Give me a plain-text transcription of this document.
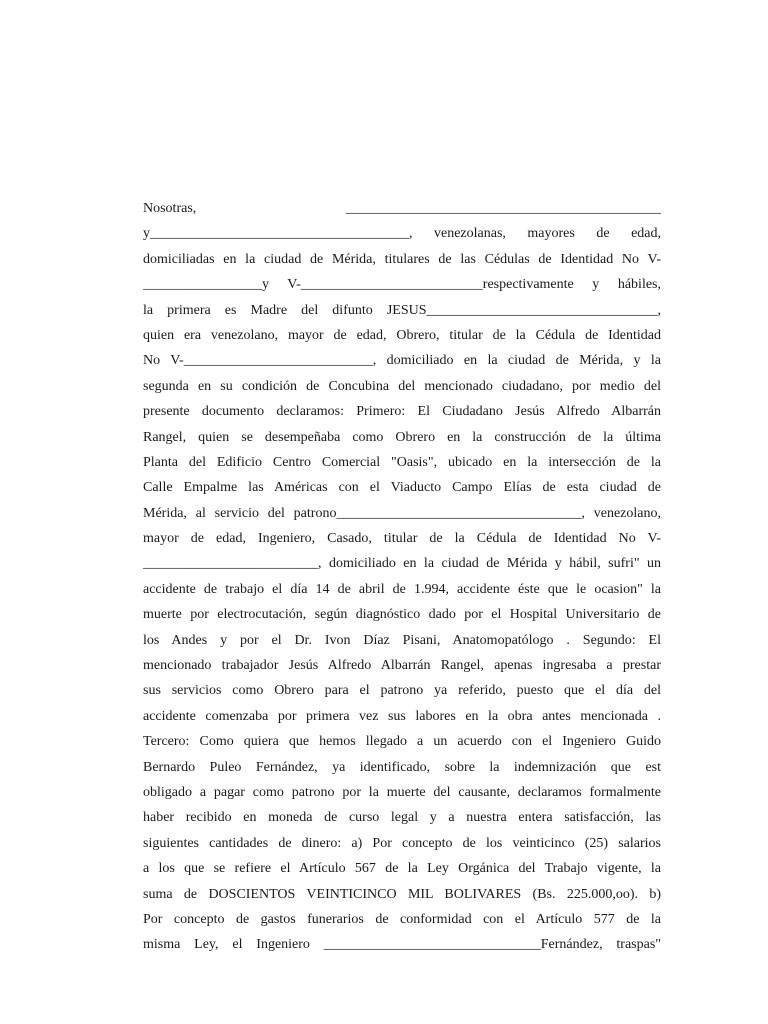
Nosotras, _____________________________________________
y_____________________________________, venezolanas, mayores de edad,
domiciliadas en la ciudad de Mérida, titulares de las Cédulas de Identidad No V-
_________________y V-__________________________respectivamente y hábiles,
la primera es Madre del difunto JESUS_________________________________,
quien era venezolano, mayor de edad, Obrero, titular de la Cédula de Identidad
No V-___________________________, domiciliado en la ciudad de Mérida, y la
segunda en su condición de Concubina del mencionado ciudadano, por medio del
presente documento declaramos: Primero: El Ciudadano Jesús Alfredo Albarrán
Rangel, quien se desempeñaba como Obrero en la construcción de la última
Planta del Edificio Centro Comercial "Oasis", ubicado en la intersección de la
Calle Empalme las Américas con el Viaducto Campo Elías de esta ciudad de
Mérida, al servicio del patrono___________________________________, venezolano,
mayor de edad, Ingeniero, Casado, titular de la Cédula de Identidad No V-
_________________________, domiciliado en la ciudad de Mérida y hábil, sufri" un
accidente de trabajo el día 14 de abril de 1.994, accidente éste que le ocasion" la
muerte por electrocutación, según diagnóstico dado por el Hospital Universitario de
los Andes y por el Dr. Ivon Díaz Pisani, Anatomopatólogo . Segundo: El
mencionado trabajador Jesús Alfredo Albarrán Rangel, apenas ingresaba a prestar
sus servicios como Obrero para el patrono ya referido, puesto que el día del
accidente comenzaba por primera vez sus labores en la obra antes mencionada .
Tercero: Como quiera que hemos llegado a un acuerdo con el Ingeniero Guido
Bernardo Puleo Fernández, ya identificado, sobre la indemnización que est
obligado a pagar como patrono por la muerte del causante, declaramos formalmente
haber recibido en moneda de curso legal y a nuestra entera satisfacción, las
siguientes cantidades de dinero: a) Por concepto de los veinticinco (25) salarios
a los que se refiere el Artículo 567 de la Ley Orgánica del Trabajo vigente, la
suma de DOSCIENTOS VEINTICINCO MIL BOLIVARES (Bs. 225.000,oo). b)
Por concepto de gastos funerarios de conformidad con el Artículo 577 de la
misma Ley, el Ingeniero _______________________________Fernández, traspas"
